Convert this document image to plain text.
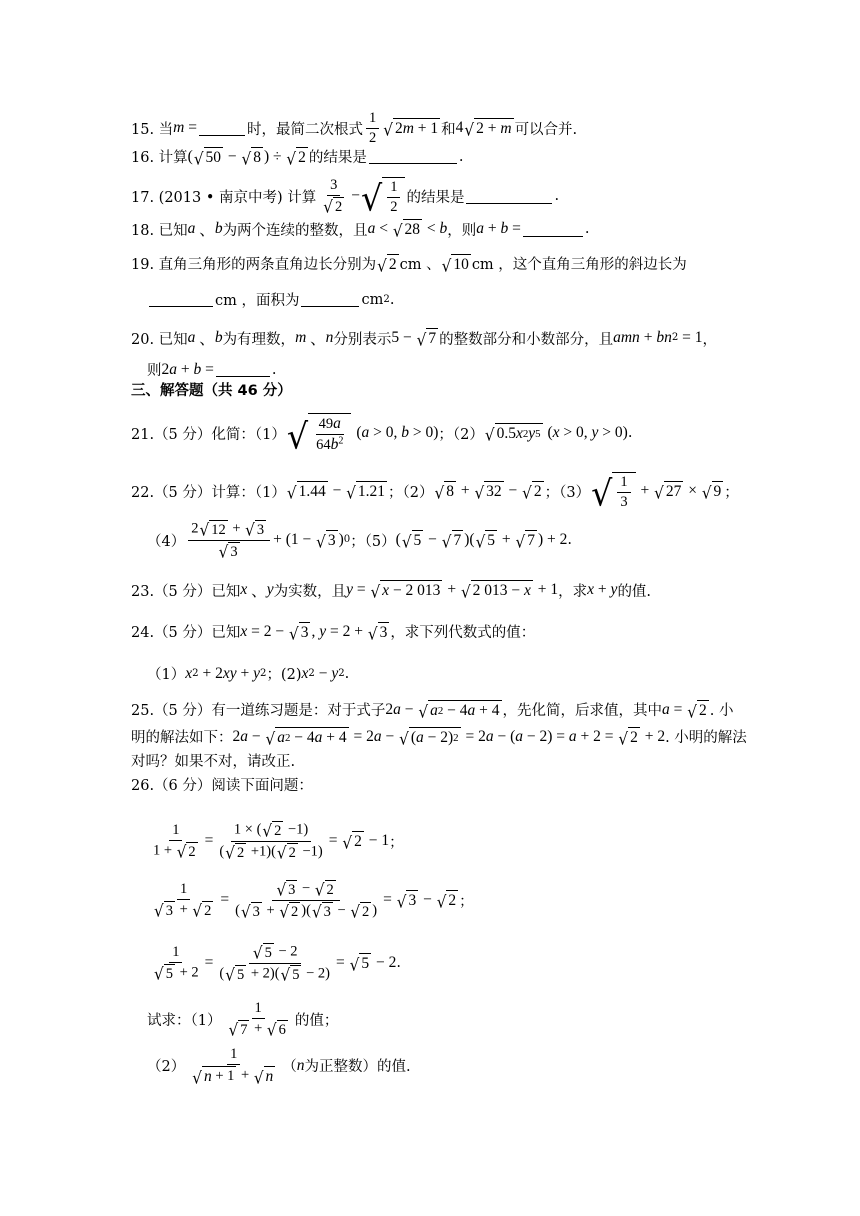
15. 当 m =	时，最简二次根式 $\frac{1}{2}$ √ 2 m + 1 和 4 √ 2 + m 可以合并.
16. 计算 ( √ 50 − √ 8 ) ÷ √ 2 的结果是	.
17. (2013 • 南京中考) 计算 $\frac{3}{√ 2}$ − √ $\frac{1}{2}$ 的结果是	.
18. 已知 a 、 b 为两个连续的整数，且 a < √ 28 < b ，则 a + b =	.
19. 直角三角形的两条直角边长分别为 √ 2 cm 、 √ 10 cm ，这个直角三角形的斜边长为
cm ，面积为	cm 2 .
20. 已知 a 、 b 为有理数， m 、 n 分别表示 5 − √ 7 的整数部分和小数部分，且 amn + bn 2 = 1 ，
则 2 a + b =	.
三、解答题（共 46 分）
21.（5 分）化简：（1） √ $\frac{49a}{64b^2} (a > 0$, b > 0) ；（2） √ 0.5 x 2 y 5 (x > 0, y > 0) .
22.（5 分）计算：（1） √ 1.44 − √ 1.21 ；（2） √ 8 + √ 32 − √ 2 ；（3） √ $\frac{1}{3}$ + √ 27 × √ 9 ；
$(4) \frac{2 √ 12 + √ 3}{√ 3} + (1$ − √ 3 ) 0 ；（5） ( √ 5 − √ 7 )( √ 5 + √ 7 ) + 2 .
23.（5 分）已知 x 、 y 为实数，且 y = √ x − 2 013 + √ 2 013 − x + 1 ，求 x + y 的值.
24.（5 分）已知 x = 2 − √ 3 , y = 2 + √ 3 ，求下列代数式的值：
（1） x 2 + 2 xy + y 2 ；(2) x 2 − y 2 .
25.（5 分）有一道练习题是：对于式子 2 a − √ a 2 − 4 a + 4 ，先化简，后求值，其中 a = √ 2 . 小
明的解法如下： 2 a − √ a 2 − 4 a + 4 = 2 a − √ ( a − 2) 2 = 2 a − ( a − 2) = a + 2 = √ 2 + 2 . 小明的解法
对吗？如果不对，请改正.
26.（6 分）阅读下面问题：
$\frac{1}{1 + √ 2} = \frac{1 \times ( √ 2 -1)}{( √ 2 +1)( √ 2 -1)}$ = √ 2 − 1 ；
$\frac{1}{√ 3 + √ 2} = \frac{√ 3 - √ 2}{( √ 3 + √ 2 )( √ 3 - √ 2 )}$ = √ 3 − √ 2 ；
$\frac{1}{√ 5 + 2} = \frac{√ 5 - 2}{( √ 5 + 2)( √ 5 - 2)}$ = √ 5 − 2 .
试求：$(1) \frac{1}{√ 7 + √ 6}$ 的值；
$(2) \frac{1}{√ n + 1 + √ n}$ （ n 为正整数）的值.
